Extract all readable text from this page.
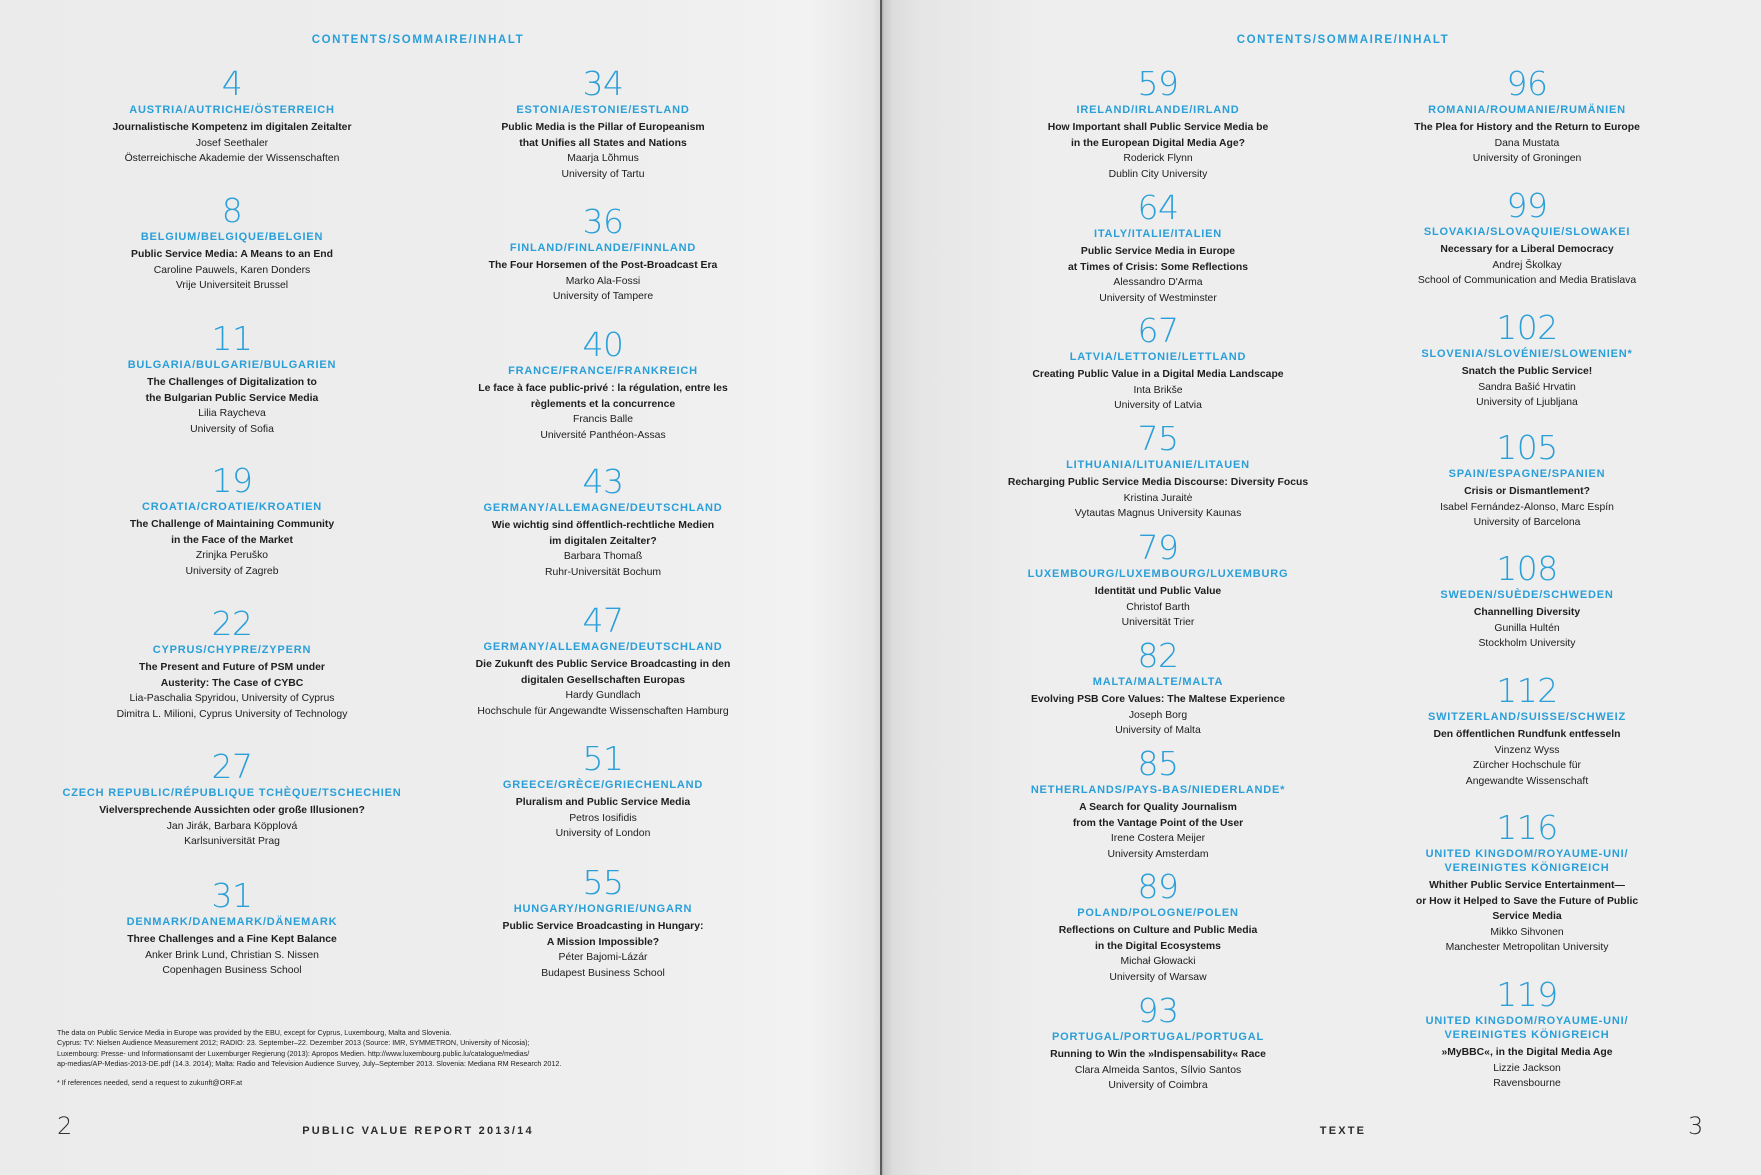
CONTENTS/SOMMAIRE/INHALT	CONTENTS/SOMMAIRE/INHALT
4
AUSTRIA/AUTRICHE/ÖSTERREICH
Journalistische Kompetenz im digitalen Zeitalter
Josef Seethaler
Österreichische Akademie der Wissenschaften
8
BELGIUM/BELGIQUE/BELGIEN
Public Service Media: A Means to an End
Caroline Pauwels, Karen Donders
Vrije Universiteit Brussel
11
BULGARIA/BULGARIE/BULGARIEN
The Challenges of Digitalization to
the Bulgarian Public Service Media
Lilia Raycheva
University of Sofia
19
CROATIA/CROATIE/KROATIEN
The Challenge of Maintaining Community
in the Face of the Market
Zrinjka Peruško
University of Zagreb
22
CYPRUS/CHYPRE/ZYPERN
The Present and Future of PSM under
Austerity: The Case of CYBC
Lia-Paschalia Spyridou, University of Cyprus
Dimitra L. Milioni, Cyprus University of Technology
27
CZECH REPUBLIC/RÉPUBLIQUE TCHÈQUE/TSCHECHIEN
Vielversprechende Aussichten oder große Illusionen?
Jan Jirák, Barbara Köpplová
Karlsuniversität Prag
31
DENMARK/DANEMARK/DÄNEMARK
Three Challenges and a Fine Kept Balance
Anker Brink Lund, Christian S. Nissen
Copenhagen Business School
34
ESTONIA/ESTONIE/ESTLAND
Public Media is the Pillar of Europeanism
that Unifies all States and Nations
Maarja Lõhmus
University of Tartu
36
FINLAND/FINLANDE/FINNLAND
The Four Horsemen of the Post-Broadcast Era
Marko Ala-Fossi
University of Tampere
40
FRANCE/FRANCE/FRANKREICH
Le face à face public-privé : la régulation, entre les
règlements et la concurrence
Francis Balle
Université Panthéon-Assas
43
GERMANY/ALLEMAGNE/DEUTSCHLAND
Wie wichtig sind öffentlich-rechtliche Medien
im digitalen Zeitalter?
Barbara Thomaß
Ruhr-Universität Bochum
47
GERMANY/ALLEMAGNE/DEUTSCHLAND
Die Zukunft des Public Service Broadcasting in den
digitalen Gesellschaften Europas
Hardy Gundlach
Hochschule für Angewandte Wissenschaften Hamburg
51
GREECE/GRÈCE/GRIECHENLAND
Pluralism and Public Service Media
Petros Iosifidis
University of London
55
HUNGARY/HONGRIE/UNGARN
Public Service Broadcasting in Hungary:
A Mission Impossible?
Péter Bajomi-Lázár
Budapest Business School
59
IRELAND/IRLANDE/IRLAND
How Important shall Public Service Media be
in the European Digital Media Age?
Roderick Flynn
Dublin City University
64
ITALY/ITALIE/ITALIEN
Public Service Media in Europe
at Times of Crisis: Some Reflections
Alessandro D'Arma
University of Westminster
67
LATVIA/LETTONIE/LETTLAND
Creating Public Value in a Digital Media Landscape
Inta Brikše
University of Latvia
75
LITHUANIA/LITUANIE/LITAUEN
Recharging Public Service Media Discourse: Diversity Focus
Kristina Juraitė
Vytautas Magnus University Kaunas
79
LUXEMBOURG/LUXEMBOURG/LUXEMBURG
Identität und Public Value
Christof Barth
Universität Trier
82
MALTA/MALTE/MALTA
Evolving PSB Core Values: The Maltese Experience
Joseph Borg
University of Malta
85
NETHERLANDS/PAYS-BAS/NIEDERLANDE*
A Search for Quality Journalism
from the Vantage Point of the User
Irene Costera Meijer
University Amsterdam
89
POLAND/POLOGNE/POLEN
Reflections on Culture and Public Media
in the Digital Ecosystems
Michał Głowacki
University of Warsaw
93
PORTUGAL/PORTUGAL/PORTUGAL
Running to Win the »Indispensability« Race
Clara Almeida Santos, Sílvio Santos
University of Coimbra
96
ROMANIA/ROUMANIE/RUMÄNIEN
The Plea for History and the Return to Europe
Dana Mustata
University of Groningen
99
SLOVAKIA/SLOVAQUIE/SLOWAKEI
Necessary for a Liberal Democracy
Andrej Školkay
School of Communication and Media Bratislava
102
SLOVENIA/SLOVÉNIE/SLOWENIEN*
Snatch the Public Service!
Sandra Bašić Hrvatin
University of Ljubljana
105
SPAIN/ESPAGNE/SPANIEN
Crisis or Dismantlement?
Isabel Fernández-Alonso, Marc Espín
University of Barcelona
108
SWEDEN/SUÈDE/SCHWEDEN
Channelling Diversity
Gunilla Hultén
Stockholm University
112
SWITZERLAND/SUISSE/SCHWEIZ
Den öffentlichen Rundfunk entfesseln
Vinzenz Wyss
Zürcher Hochschule für
Angewandte Wissenschaft
116
UNITED KINGDOM/ROYAUME-UNI/
VEREINIGTES KÖNIGREICH
Whither Public Service Entertainment—
or How it Helped to Save the Future of Public
Service Media
Mikko Sihvonen
Manchester Metropolitan University
119
UNITED KINGDOM/ROYAUME-UNI/
VEREINIGTES KÖNIGREICH
»MyBBC«, in the Digital Media Age
Lizzie Jackson
Ravensbourne

The data on Public Service Media in Europe was provided by the EBU, except for Cyprus, Luxembourg, Malta and Slovenia.

Cyprus: TV: Nielsen Audience Measurement 2012; RADIO: 23. September–22. Dezember 2013 (Source: IMR, SYMMETRON, University of Nicosia);

Luxembourg: Presse- und Informationsamt der Luxemburger Regierung (2013): Apropos Medien. http://www.luxembourg.public.lu/catalogue/medias/

ap-medias/AP-Medias-2013-DE.pdf (14.3. 2014); Malta: Radio and Television Audience Survey, July–September 2013. Slovenia: Mediana RM Research 2012.

* If references needed, send a request to zukunft@ORF.at

2	PUBLIC VALUE REPORT 2013/14	TEXTE	3
